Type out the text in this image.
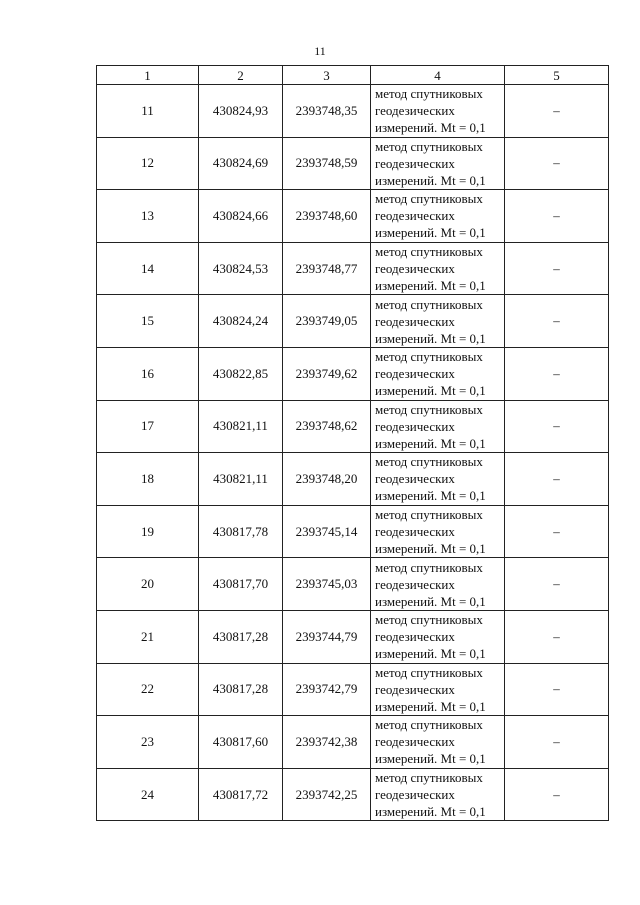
11
1	2	3	4	5
11	430824,93	2393748,35	метод спутниковых
геодезических
измерений. Mt = 0,1	–
12	430824,69	2393748,59	метод спутниковых
геодезических
измерений. Mt = 0,1	–
13	430824,66	2393748,60	метод спутниковых
геодезических
измерений. Mt = 0,1	–
14	430824,53	2393748,77	метод спутниковых
геодезических
измерений. Mt = 0,1	–
15	430824,24	2393749,05	метод спутниковых
геодезических
измерений. Mt = 0,1	–
16	430822,85	2393749,62	метод спутниковых
геодезических
измерений. Mt = 0,1	–
17	430821,11	2393748,62	метод спутниковых
геодезических
измерений. Mt = 0,1	–
18	430821,11	2393748,20	метод спутниковых
геодезических
измерений. Mt = 0,1	–
19	430817,78	2393745,14	метод спутниковых
геодезических
измерений. Mt = 0,1	–
20	430817,70	2393745,03	метод спутниковых
геодезических
измерений. Mt = 0,1	–
21	430817,28	2393744,79	метод спутниковых
геодезических
измерений. Mt = 0,1	–
22	430817,28	2393742,79	метод спутниковых
геодезических
измерений. Mt = 0,1	–
23	430817,60	2393742,38	метод спутниковых
геодезических
измерений. Mt = 0,1	–
24	430817,72	2393742,25	метод спутниковых
геодезических
измерений. Mt = 0,1	–
